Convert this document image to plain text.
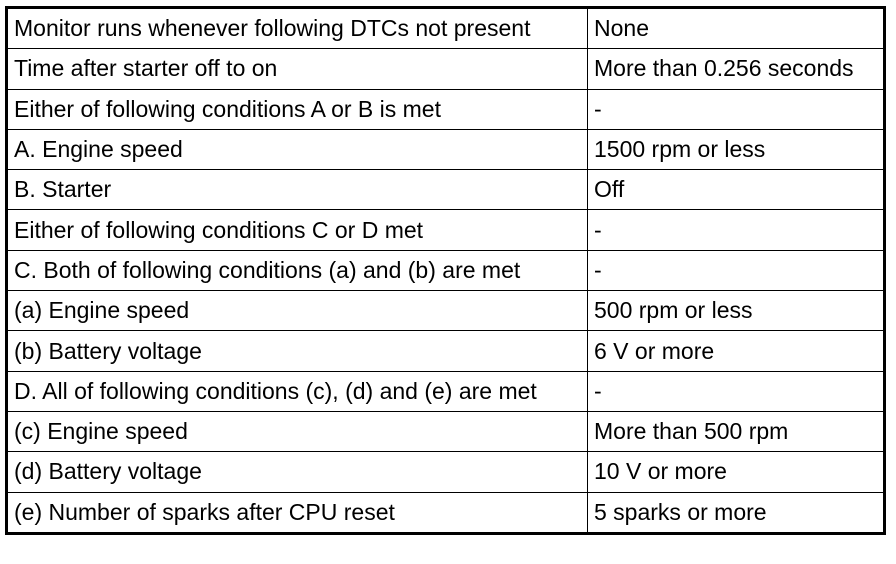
Monitor runs whenever following DTCs not present	None
Time after starter off to on	More than 0.256 seconds
Either of following conditions A or B is met	-
A. Engine speed	1500 rpm or less
B. Starter	Off
Either of following conditions C or D met	-
C. Both of following conditions (a) and (b) are met	-
(a) Engine speed	500 rpm or less
(b) Battery voltage	6 V or more
D. All of following conditions (c), (d) and (e) are met	-
(c) Engine speed	More than 500 rpm
(d) Battery voltage	10 V or more
(e) Number of sparks after CPU reset	5 sparks or more
